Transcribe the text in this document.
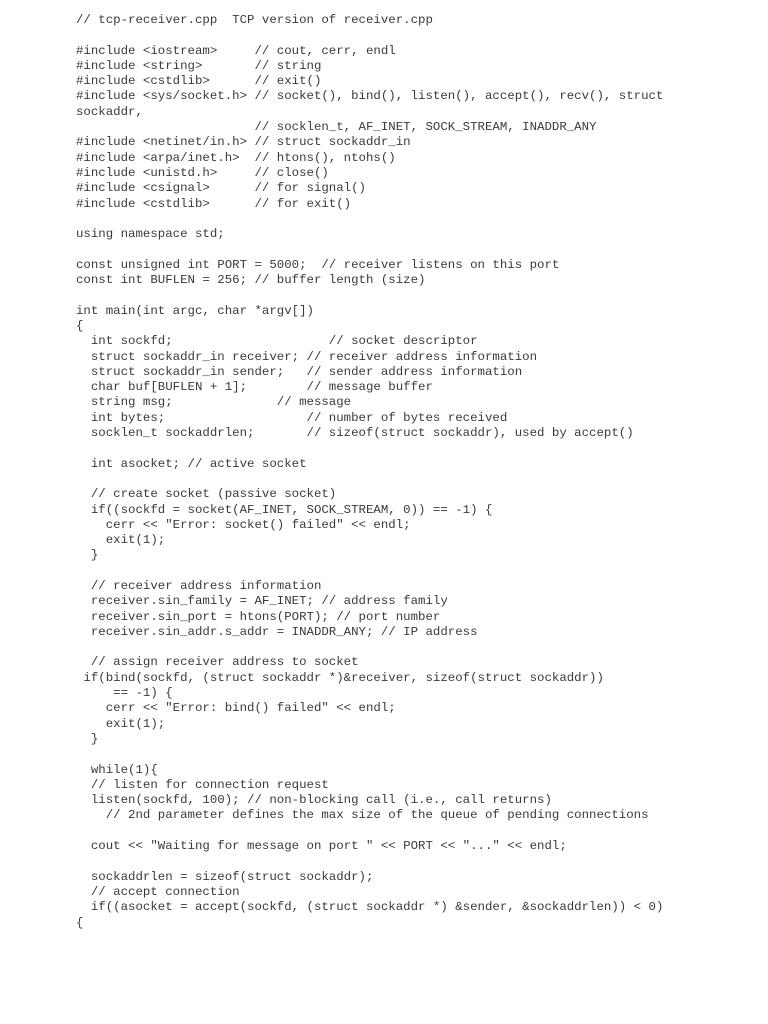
// tcp-receiver.cpp  TCP version of receiver.cpp
#include <iostream>     // cout, cerr, endl
#include <string>       // string
#include <cstdlib>      // exit()
#include <sys/socket.h> // socket(), bind(), listen(), accept(), recv(), struct
sockaddr,
// socklen_t, AF_INET, SOCK_STREAM, INADDR_ANY
#include <netinet/in.h> // struct sockaddr_in
#include <arpa/inet.h>  // htons(), ntohs()
#include <unistd.h>     // close()
#include <csignal>      // for signal()
#include <cstdlib>      // for exit()
using namespace std;
const unsigned int PORT = 5000;  // receiver listens on this port
const int BUFLEN = 256; // buffer length (size)
int main(int argc, char *argv[])
{
int sockfd;                     // socket descriptor
struct sockaddr_in receiver; // receiver address information
struct sockaddr_in sender;   // sender address information
char buf[BUFLEN + 1];        // message buffer
string msg;              // message
int bytes;                   // number of bytes received
socklen_t sockaddrlen;       // sizeof(struct sockaddr), used by accept()
int asocket; // active socket
// create socket (passive socket)
if((sockfd = socket(AF_INET, SOCK_STREAM, 0)) == -1) {
cerr << "Error: socket() failed" << endl;
exit(1);
}
// receiver address information
receiver.sin_family = AF_INET; // address family
receiver.sin_port = htons(PORT); // port number
receiver.sin_addr.s_addr = INADDR_ANY; // IP address
// assign receiver address to socket
if(bind(sockfd, (struct sockaddr *)&receiver, sizeof(struct sockaddr))
== -1) {
cerr << "Error: bind() failed" << endl;
exit(1);
}
while(1){
// listen for connection request
listen(sockfd, 100); // non-blocking call (i.e., call returns)
// 2nd parameter defines the max size of the queue of pending connections
cout << "Waiting for message on port " << PORT << "..." << endl;
sockaddrlen = sizeof(struct sockaddr);
// accept connection
if((asocket = accept(sockfd, (struct sockaddr *) &sender, &sockaddrlen)) < 0)
{
